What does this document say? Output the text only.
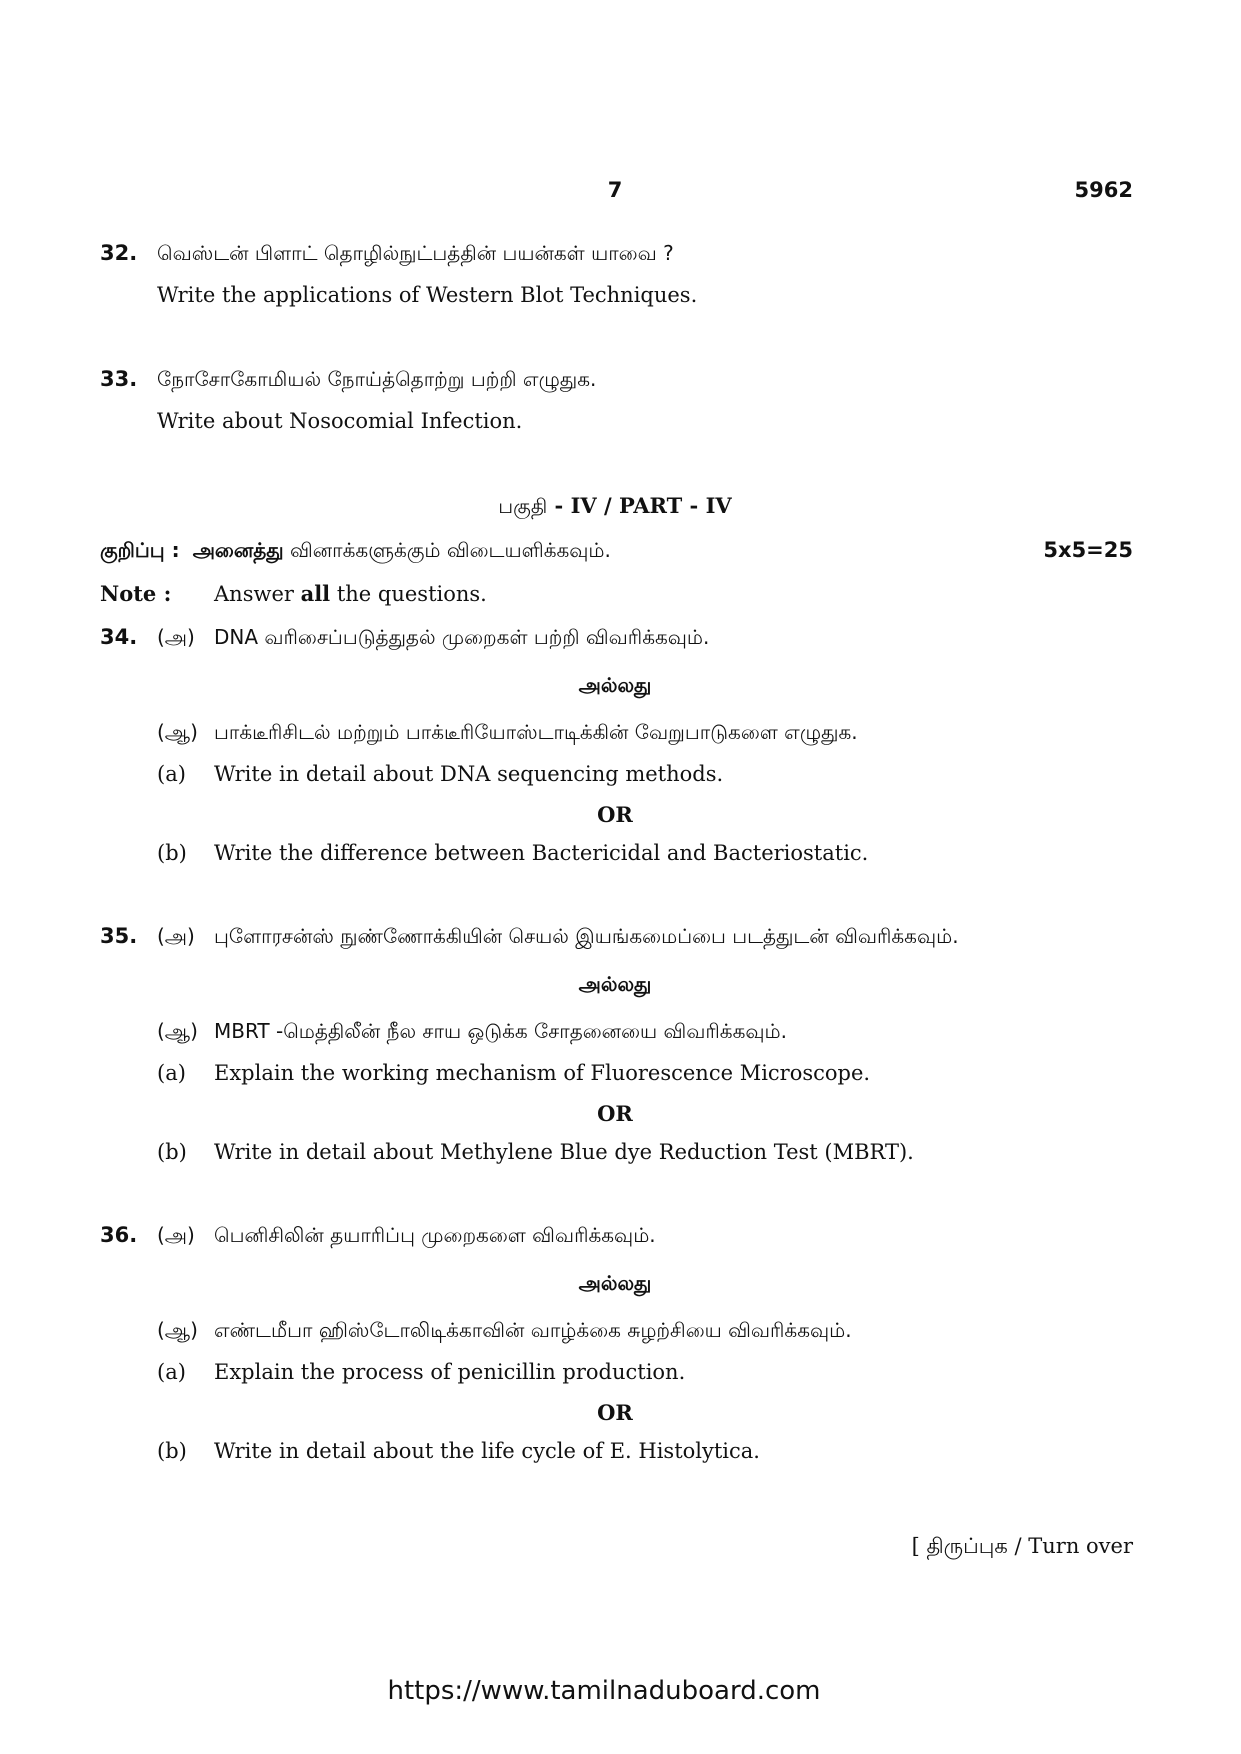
7	5962
32. வெஸ்டன் பிளாட் தொழில்நுட்பத்தின் பயன்கள் யாவை ?
Write the applications of Western Blot Techniques.
33. நோசோகோமியல் நோய்த்தொற்று பற்றி எழுதுக.
Write about Nosocomial Infection.
பகுதி - IV / PART - IV
குறிப்பு : அனைத்து வினாக்களுக்கும் விடையளிக்கவும்.	5x5=25
Note : Answer all the questions.
34. (அ) DNA வரிசைப்படுத்துதல் முறைகள் பற்றி விவரிக்கவும்.
அல்லது
(ஆ) பாக்டீரிசிடல் மற்றும் பாக்டீரியோஸ்டாடிக்கின் வேறுபாடுகளை எழுதுக.
(a) Write in detail about DNA sequencing methods.
OR
(b) Write the difference between Bactericidal and Bacteriostatic.
35. (அ) புளோரசன்ஸ் நுண்ணோக்கியின் செயல் இயங்கமைப்பை படத்துடன் விவரிக்கவும்.
அல்லது
(ஆ) MBRT -மெத்திலீன் நீல சாய ஒடுக்க சோதனையை விவரிக்கவும்.
(a) Explain the working mechanism of Fluorescence Microscope.
OR
(b) Write in detail about Methylene Blue dye Reduction Test (MBRT).
36. (அ) பெனிசிலின் தயாரிப்பு முறைகளை விவரிக்கவும்.
அல்லது
(ஆ) எண்டமீபா ஹிஸ்டோலிடிக்காவின் வாழ்க்கை சுழற்சியை விவரிக்கவும்.
(a) Explain the process of penicillin production.
OR
(b) Write in detail about the life cycle of E. Histolytica.
[ திருப்புக / Turn over
https://www.tamilnaduboard.com
